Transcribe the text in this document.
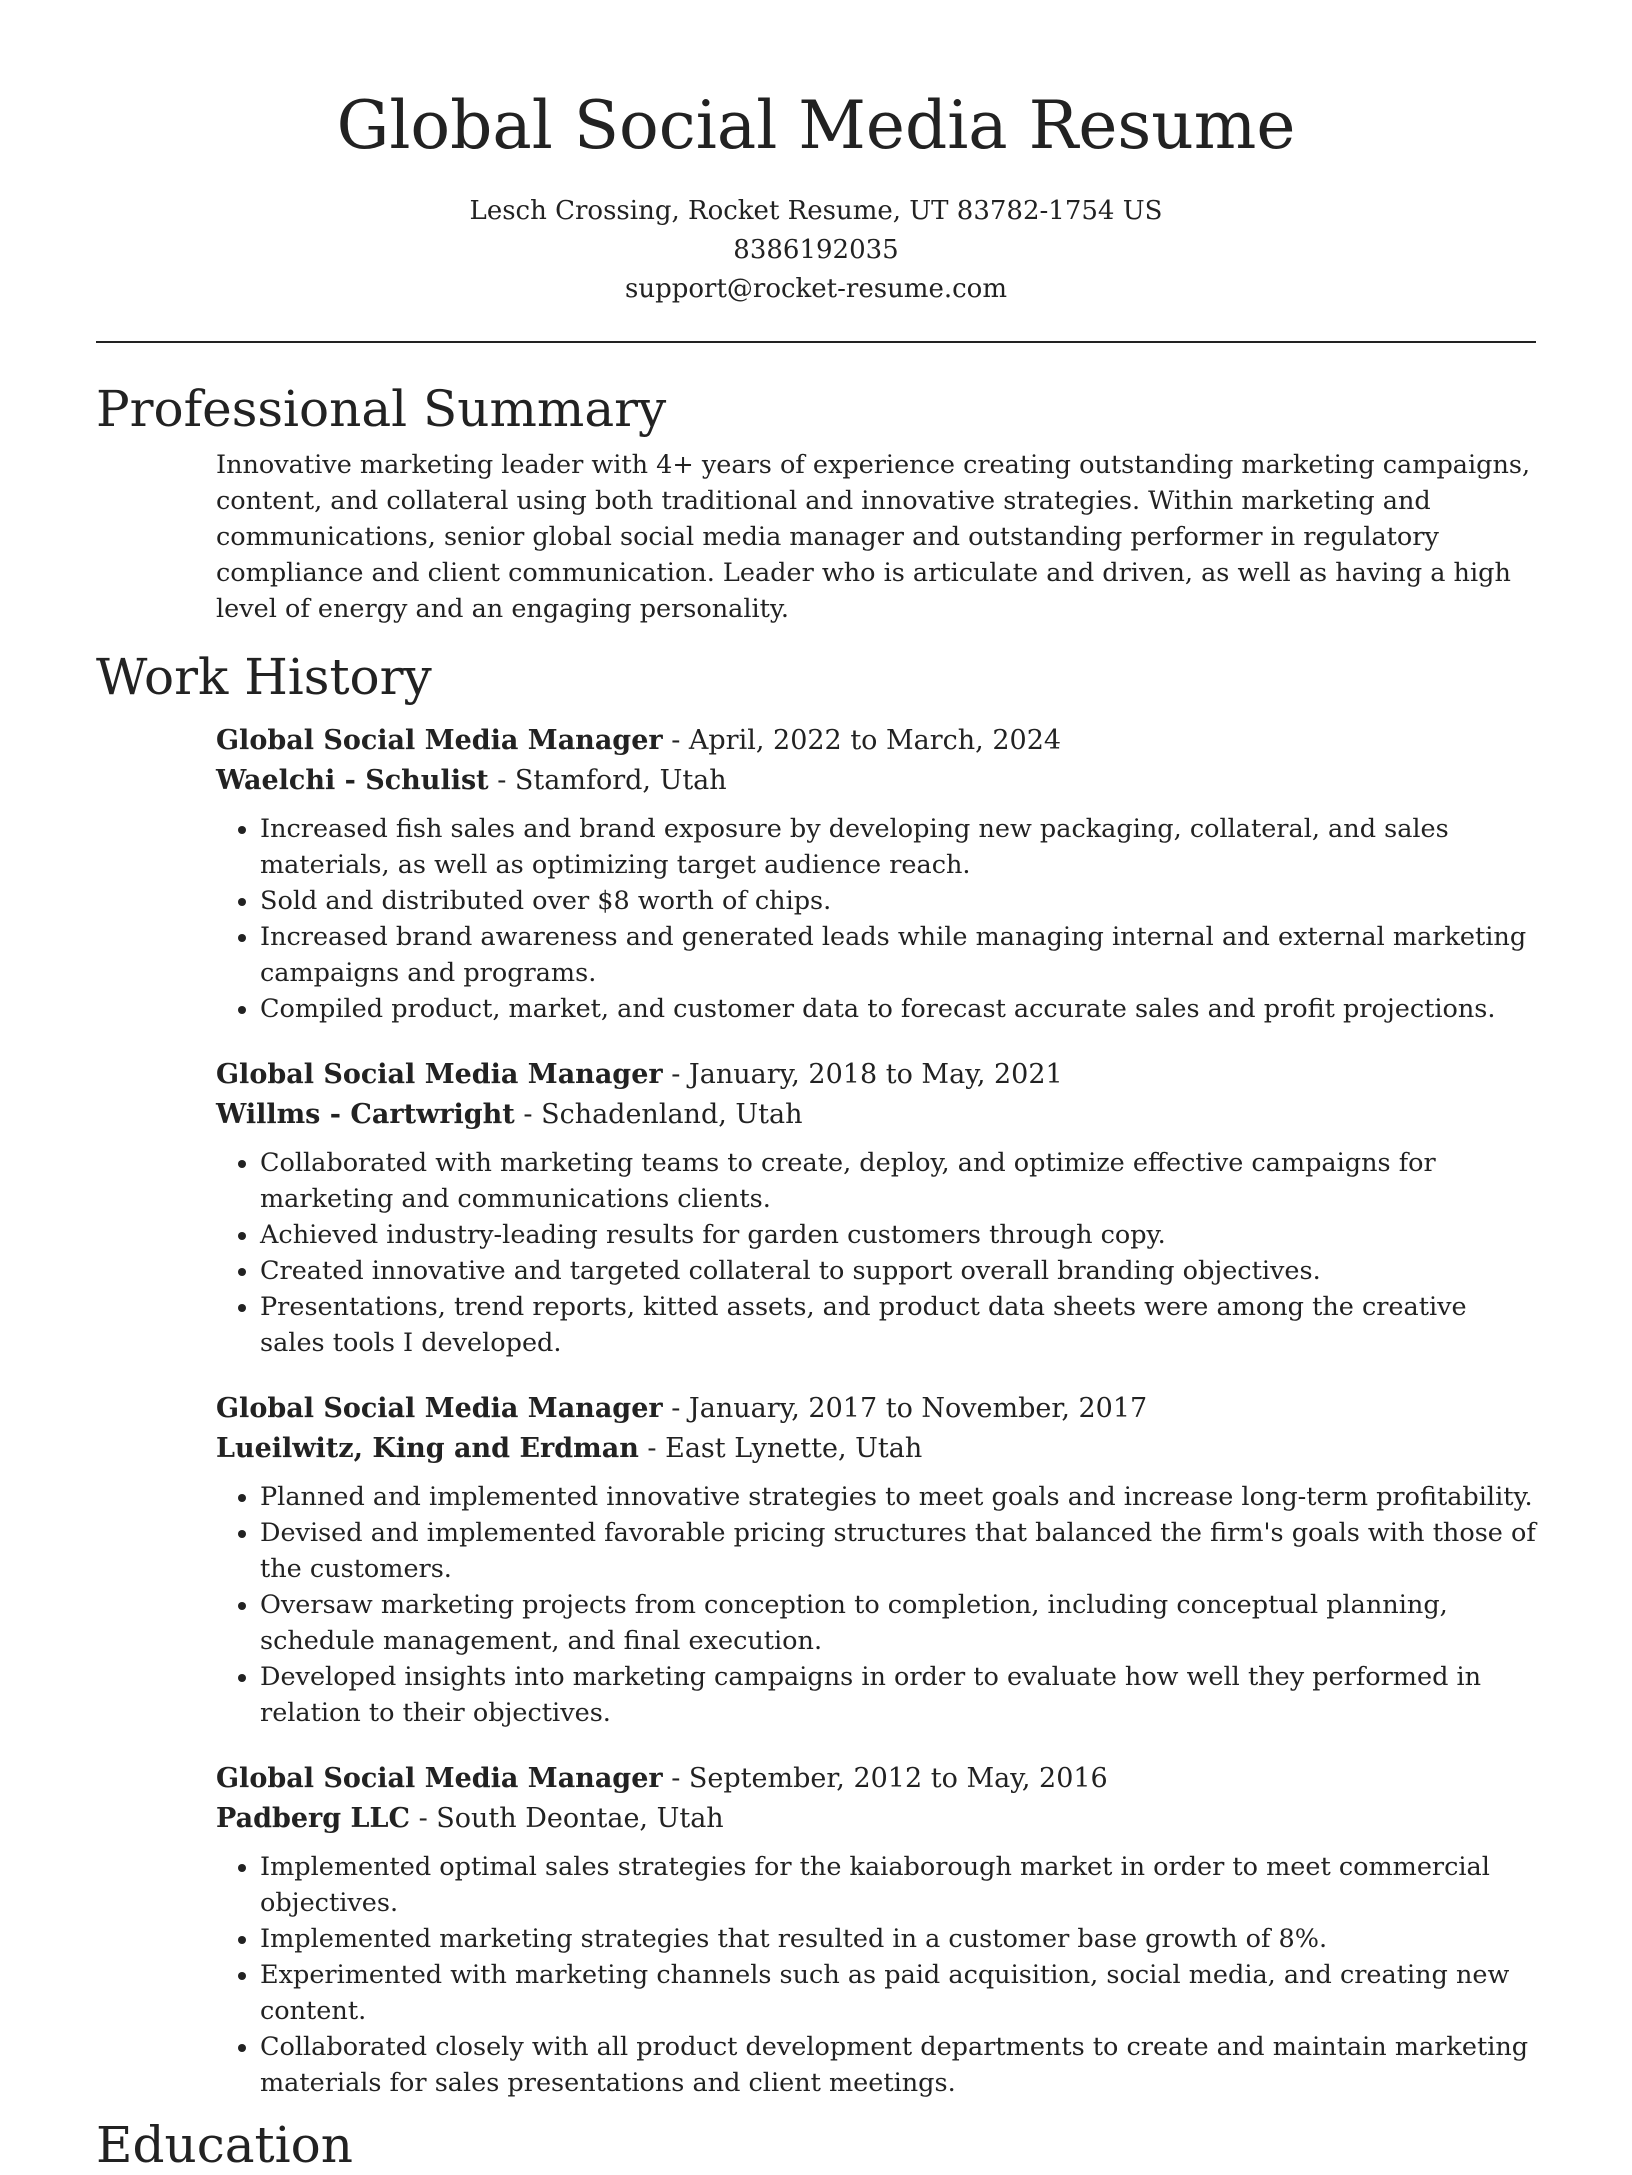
Global Social Media Resume
Lesch Crossing, Rocket Resume, UT 83782-1754 US
8386192035
support@rocket-resume.com
Professional Summary
Innovative marketing leader with 4+ years of experience creating outstanding marketing campaigns, content, and collateral using both traditional and innovative strategies. Within marketing and communications, senior global social media manager and outstanding performer in regulatory compliance and client communication. Leader who is articulate and driven, as well as having a high level of energy and an engaging personality.
Work History
Global Social Media Manager - April, 2022 to March, 2024
Waelchi - Schulist - Stamford, Utah
• Increased fish sales and brand exposure by developing new packaging, collateral, and sales materials, as well as optimizing target audience reach.
• Sold and distributed over $8 worth of chips.
• Increased brand awareness and generated leads while managing internal and external marketing campaigns and programs.
• Compiled product, market, and customer data to forecast accurate sales and profit projections.
Global Social Media Manager - January, 2018 to May, 2021
Willms - Cartwright - Schadenland, Utah
• Collaborated with marketing teams to create, deploy, and optimize effective campaigns for marketing and communications clients.
• Achieved industry-leading results for garden customers through copy.
• Created innovative and targeted collateral to support overall branding objectives.
• Presentations, trend reports, kitted assets, and product data sheets were among the creative sales tools I developed.
Global Social Media Manager - January, 2017 to November, 2017
Lueilwitz, King and Erdman - East Lynette, Utah
• Planned and implemented innovative strategies to meet goals and increase long-term profitability.
• Devised and implemented favorable pricing structures that balanced the firm's goals with those of the customers.
• Oversaw marketing projects from conception to completion, including conceptual planning, schedule management, and final execution.
• Developed insights into marketing campaigns in order to evaluate how well they performed in relation to their objectives.
Global Social Media Manager - September, 2012 to May, 2016
Padberg LLC - South Deontae, Utah
• Implemented optimal sales strategies for the kaiaborough market in order to meet commercial objectives.
• Implemented marketing strategies that resulted in a customer base growth of 8%.
• Experimented with marketing channels such as paid acquisition, social media, and creating new content.
• Collaborated closely with all product development departments to create and maintain marketing materials for sales presentations and client meetings.
Education
